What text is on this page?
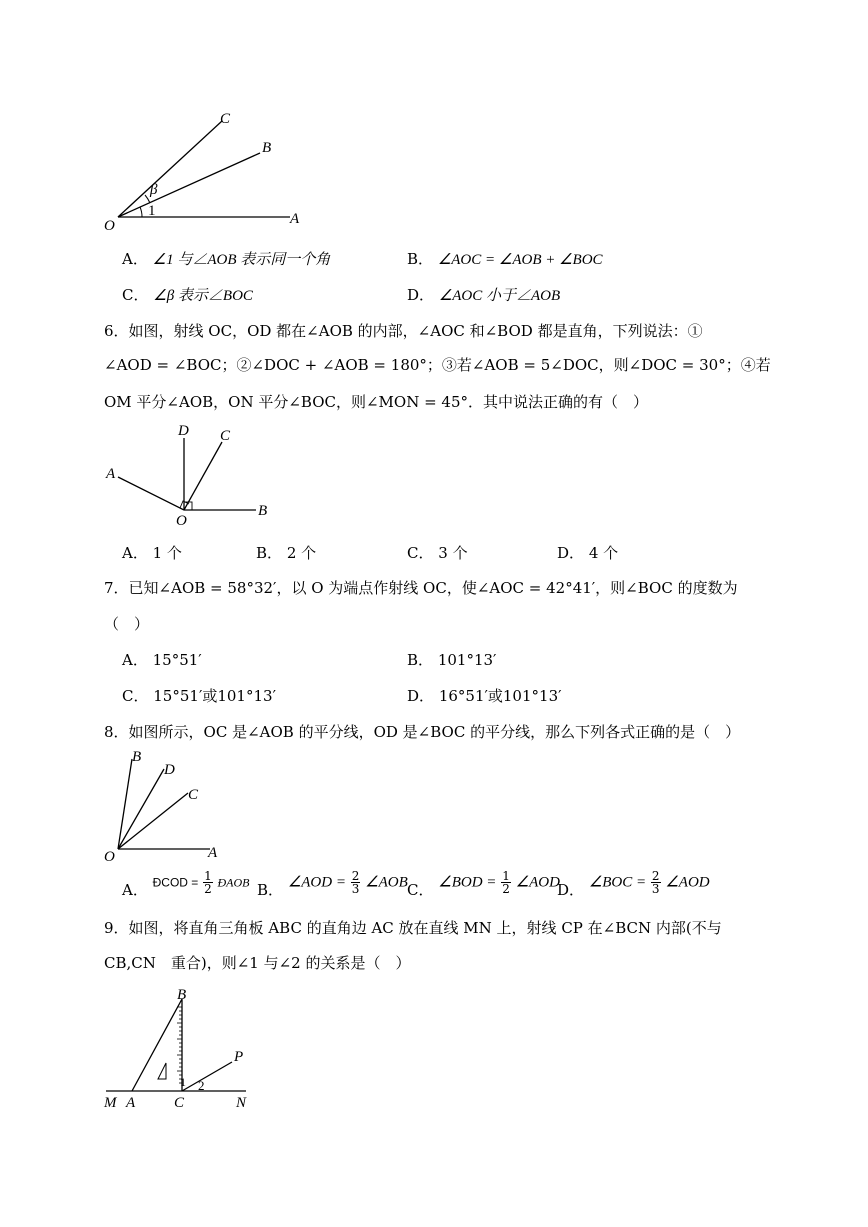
C
B
O	A
β
1
A． ∠1 与∠AOB 表示同一个角	B． ∠AOC = ∠AOB + ∠BOC
C． ∠β 表示∠BOC	D． ∠AOC 小于∠AOB
6．如图，射线 OC，OD 都在∠AOB 的内部，∠AOC 和∠BOD 都是直角，下列说法：①
∠AOD = ∠BOC；②∠DOC + ∠AOB = 180°；③若∠AOB = 5∠DOC，则∠DOC = 30°；④若
OM 平分∠AOB，ON 平分∠BOC，则∠MON = 45°．其中说法正确的有（　）
D C
A
O
B
A． 1 个	B． 2 个	C． 3 个	D． 4 个
7．已知∠AOB = 58°32′，以 O 为端点作射线 OC，使∠AOC = 42°41′，则∠BOC 的度数为
（　）
A． 15°51′	B． 101°13′
C． 15°51′或101°13′	D． 16°51′或101°13′
8．如图所示，OC 是∠AOB 的平分线，OD 是∠BOC 的平分线，那么下列各式正确的是（　）
B
D
C
O	A
A． ÐCOD = $\frac{1}{2}$ ÐAOB B． ∠AOD = $\frac{2}{3}$ ∠AOB C． ∠BOD = $\frac{1}{2}$ ∠AOD
D． ∠BOC = $\frac{2}{3}$ ∠AOD
9．如图，将直角三角板 ABC 的直角边 AC 放在直线 MN 上，射线 CP 在∠BCN 内部(不与
CB,CN　重合)，则∠1 与∠2 的关系是（　）
B
P
M A	C	N
1 2
